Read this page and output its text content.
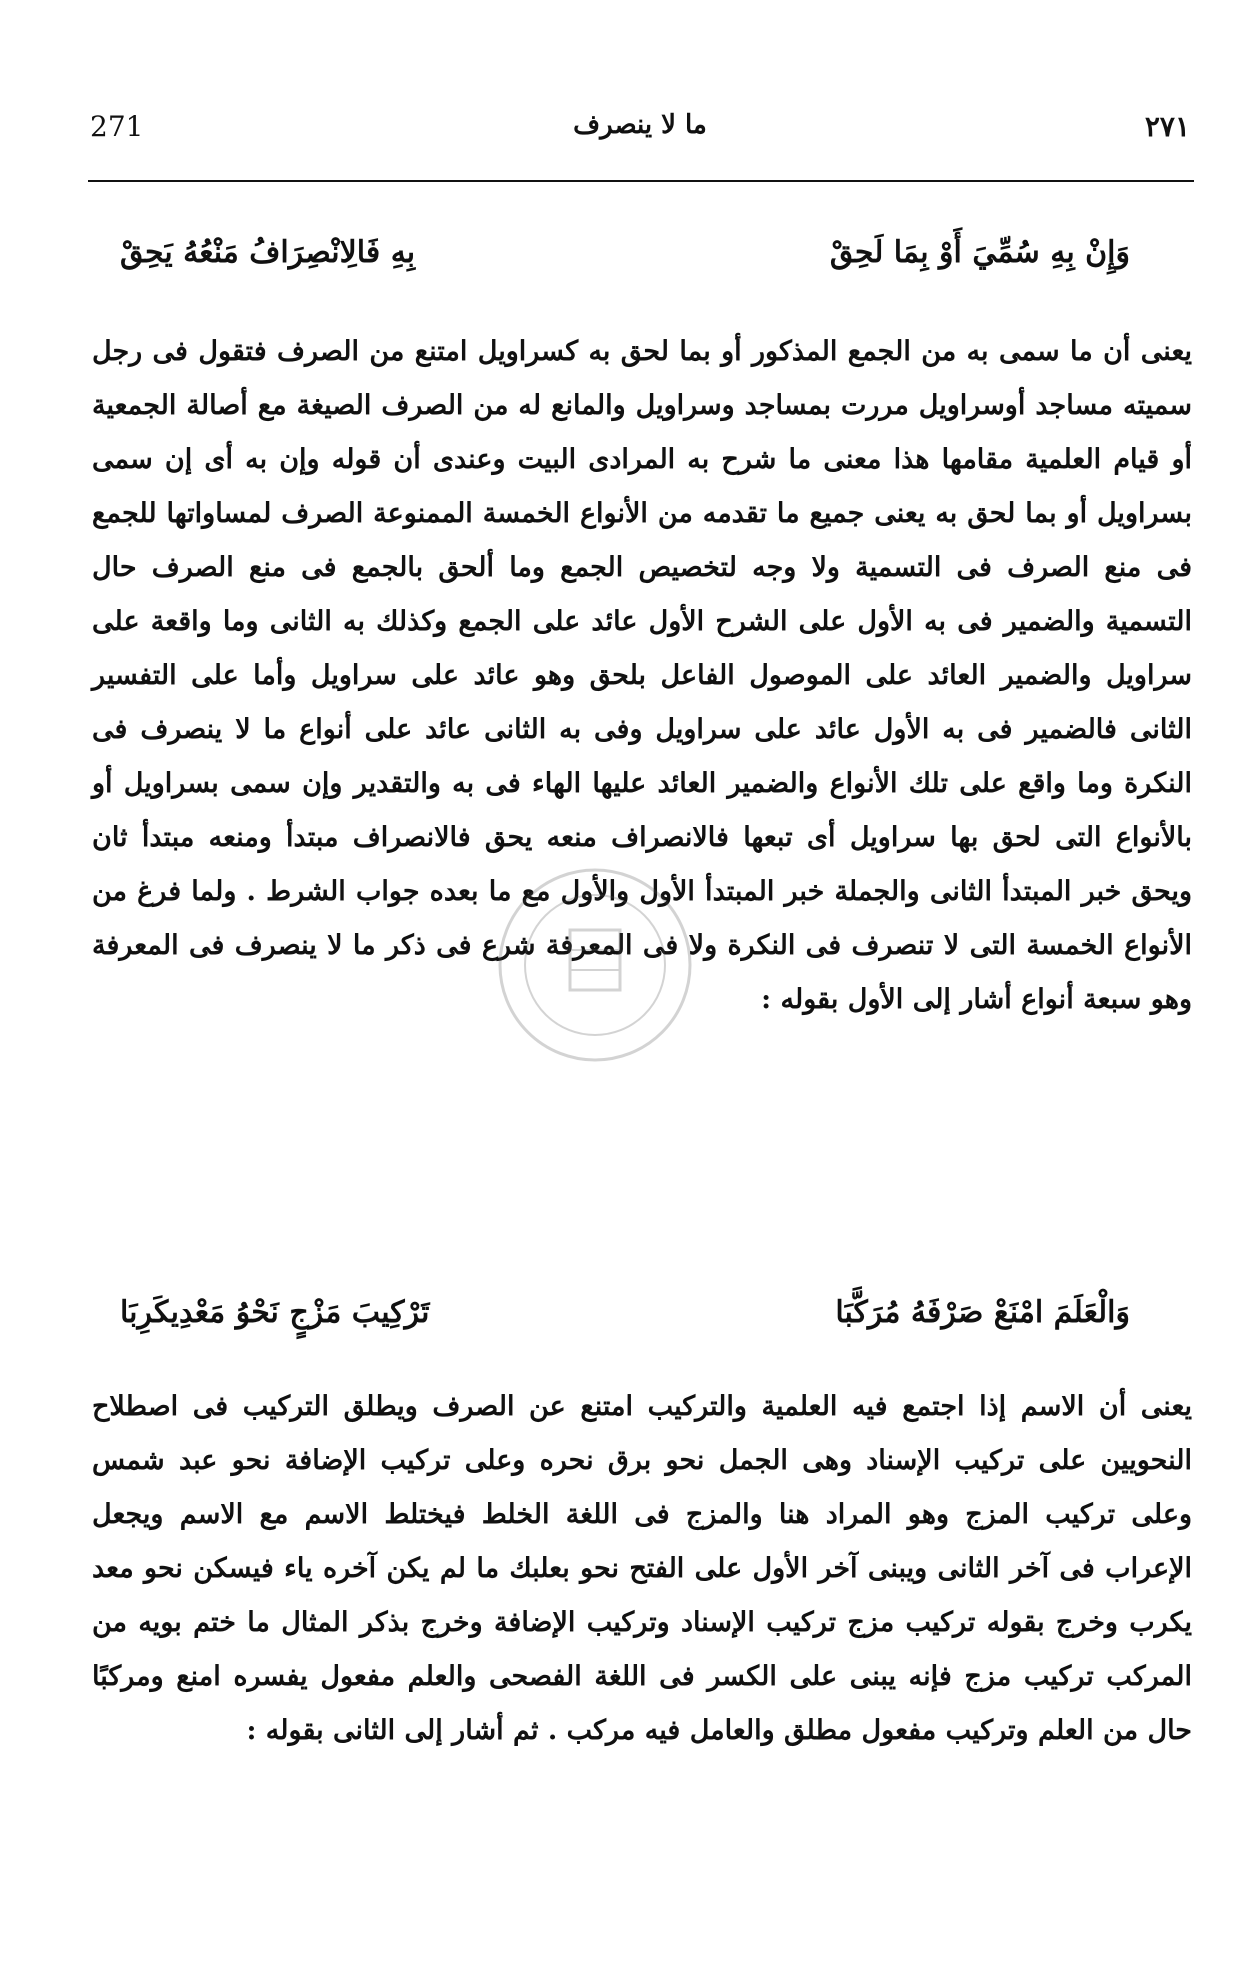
271	ما لا ينصرف	٢٧١
وَإِنْ بِهِ سُمِّيَ أَوْ بِمَا لَحِقْ
بِهِ فَالِانْصِرَافُ مَنْعُهُ يَحِقْ
يعنى أن ما سمى به من الجمع المذكور أو بما لحق به كسراويل امتنع من الصرف فتقول فى رجل سميته مساجد أوسراويل مررت بمساجد وسراويل والمانع له من الصرف الصيغة مع أصالة الجمعية أو قيام العلمية مقامها هذا معنى ما شرح به المرادى البيت وعندى أن قوله وإن به أى إن سمى بسراويل أو بما لحق به يعنى جميع ما تقدمه من الأنواع الخمسة الممنوعة الصرف لمساواتها للجمع فى منع الصرف فى التسمية ولا وجه لتخصيص الجمع وما ألحق بالجمع فى منع الصرف حال التسمية والضمير فى به الأول على الشرح الأول عائد على الجمع وكذلك به الثانى وما واقعة على سراويل والضمير العائد على الموصول الفاعل بلحق وهو عائد على سراويل وأما على التفسير الثانى فالضمير فى به الأول عائد على سراويل وفى به الثانى عائد على أنواع ما لا ينصرف فى النكرة وما واقع على تلك الأنواع والضمير العائد عليها الهاء فى به والتقدير وإن سمى بسراويل أو بالأنواع التى لحق بها سراويل أى تبعها فالانصراف منعه يحق فالانصراف مبتدأ ومنعه مبتدأ ثان ويحق خبر المبتدأ الثانى والجملة خبر المبتدأ الأول والأول مع ما بعده جواب الشرط . ولما فرغ من الأنواع الخمسة التى لا تنصرف فى النكرة ولا فى المعرفة شرع فى ذكر ما لا ينصرف فى المعرفة وهو سبعة أنواع أشار إلى الأول بقوله :
وَالْعَلَمَ امْنَعْ صَرْفَهُ مُرَكَّبَا
تَرْكِيبَ مَزْجٍ نَحْوُ مَعْدِيكَرِبَا
يعنى أن الاسم إذا اجتمع فيه العلمية والتركيب امتنع عن الصرف ويطلق التركيب فى اصطلاح النحويين على تركيب الإسناد وهى الجمل نحو برق نحره وعلى تركيب الإضافة نحو عبد شمس وعلى تركيب المزج وهو المراد هنا والمزج فى اللغة الخلط فيختلط الاسم مع الاسم ويجعل الإعراب فى آخر الثانى ويبنى آخر الأول على الفتح نحو بعلبك ما لم يكن آخره ياء فيسكن نحو معد يكرب وخرج بقوله تركيب مزج تركيب الإسناد وتركيب الإضافة وخرج بذكر المثال ما ختم بويه من المركب تركيب مزج فإنه يبنى على الكسر فى اللغة الفصحى والعلم مفعول يفسره امنع ومركبًا حال من العلم وتركيب مفعول مطلق والعامل فيه مركب . ثم أشار إلى الثانى بقوله :
